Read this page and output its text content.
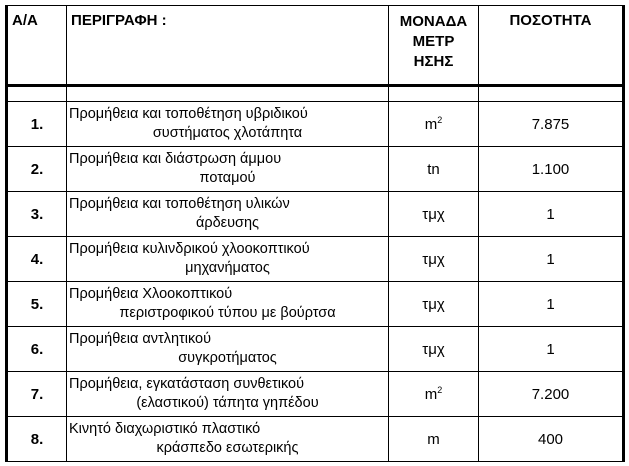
Α/Α	ΠΕΡΙΓΡΑΦΗ :	ΜΟΝΑΔΑ
ΜΕΤΡ
ΗΣΗΣ	ΠΟΣΟΤΗΤΑ

1.	Προμήθεια και τοποθέτηση υβριδικού
συστήματος χλοτάπητα	$m^2$	7.875
2.	Προμήθεια και διάστρωση άμμου
ποταμού	tn	1.100
3.	Προμήθεια και τοποθέτηση υλικών
άρδευσης	τμχ	1
4.	Προμήθεια κυλινδρικού χλοοκοπτικού
μηχανήματος	τμχ	1
5.	Προμήθεια Χλοοκοπτικού
περιστροφικού τύπου με βούρτσα	τμχ	1
6.	Προμήθεια αντλητικού
συγκροτήματος	τμχ	1
7.	Προμήθεια, εγκατάσταση συνθετικού
(ελαστικού) τάπητα γηπέδου	$m^2$	7.200
8.	Κινητό διαχωριστικό πλαστικό
κράσπεδο εσωτερικής	m	400
